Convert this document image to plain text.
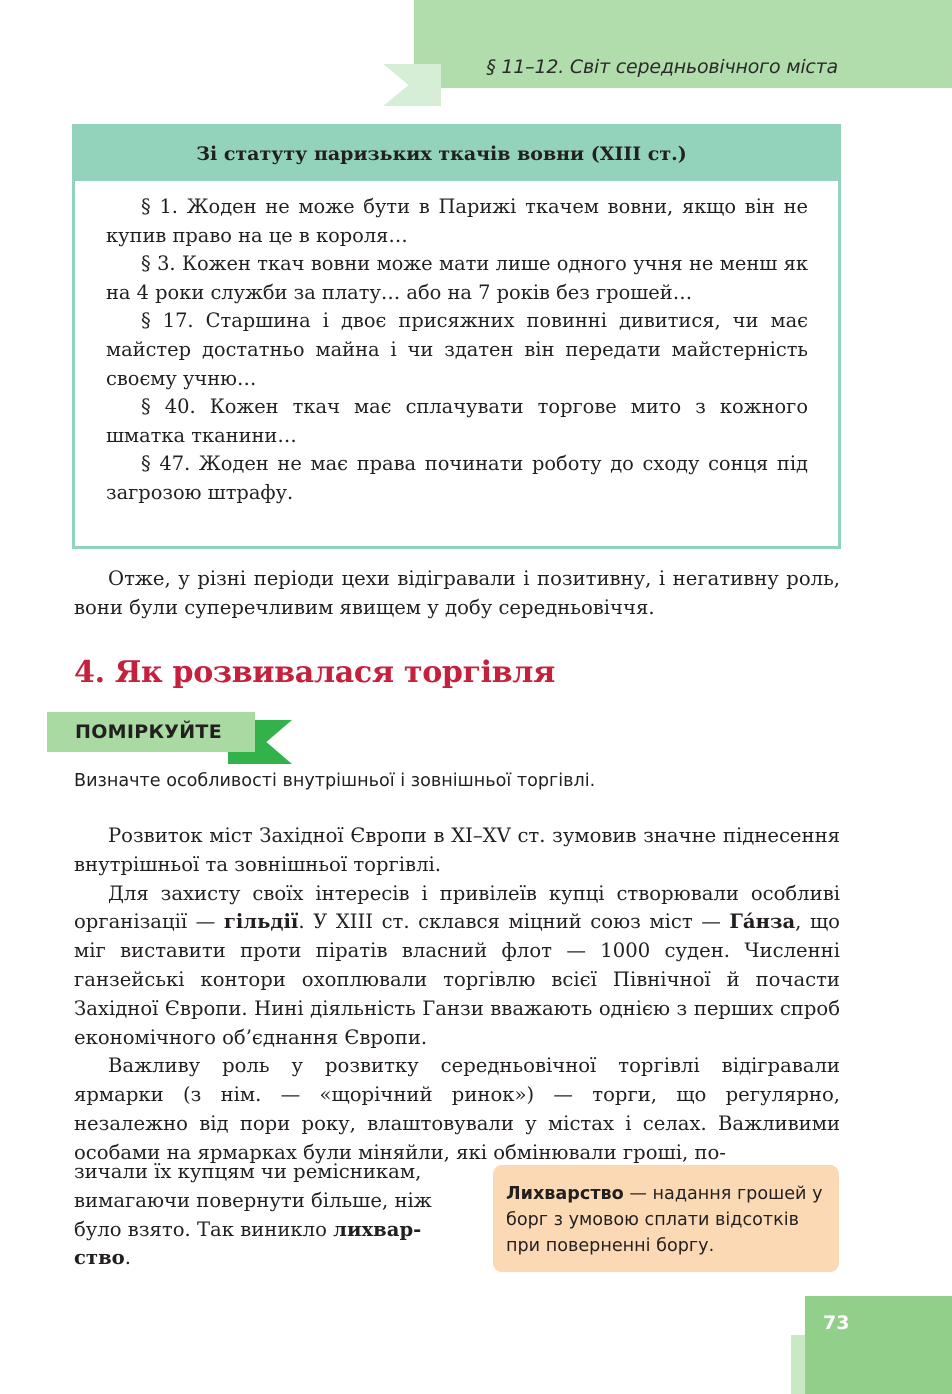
§ 11–12. Світ середньовічного міста
Зі статуту паризьких ткачів вовни (XIII ст.)

§ 1. Жоден не може бути в Парижі ткачем вовни, якщо він не купив право на це в короля…

§ 3. Кожен ткач вовни може мати лише одного учня не менш як на 4 роки служби за плату… або на 7 років без грошей…

§ 17. Старшина і двоє присяжних повинні дивитися, чи має майстер достатньо майна і чи здатен він передати майстерність своєму учню…

§ 40. Кожен ткач має сплачувати торгове мито з кожного шматка тканини…

§ 47. Жоден не має права починати роботу до сходу сонця під загрозою штрафу.

Отже, у різні періоди цехи відігравали і позитивну, і негативну роль, вони були суперечливим явищем у добу середньовіччя.

4. Як розвивалася торгівля
ПОМІРКУЙТЕ
Визначте особливості внутрішньої і зовнішньої торгівлі.

Розвиток міст Західної Європи в XI–XV ст. зумовив значне піднесення внутрішньої та зовнішньої торгівлі.

Для захисту своїх інтересів і привілеїв купці створювали особливі організації — гільдії. У XIII ст. склався міцний союз міст — Га́нза, що міг виставити проти піратів власний флот — 1000 суден. Численні ганзейські контори охоплювали торгівлю всієї Північної й почасти Західної Європи. Нині діяльність Ганзи вважають однією з перших спроб економічного об’єднання Європи.

Важливу роль у розвитку середньовічної торгівлі відігравали ярмарки (з нім. — «щорічний ринок») — торги, що регулярно, незалежно від пори року, влаштовували у містах і селах. Важливими особами на ярмарках були міняйли, які обмінювали гроші, по-

зичали їх купцям чи ремісникам,
вимагаючи повернути більше, ніж
було взято. Так виникло лихвар-
ство.
Лихварство — надання грошей у борг з умовою сплати відсотків при поверненні боргу.
73
